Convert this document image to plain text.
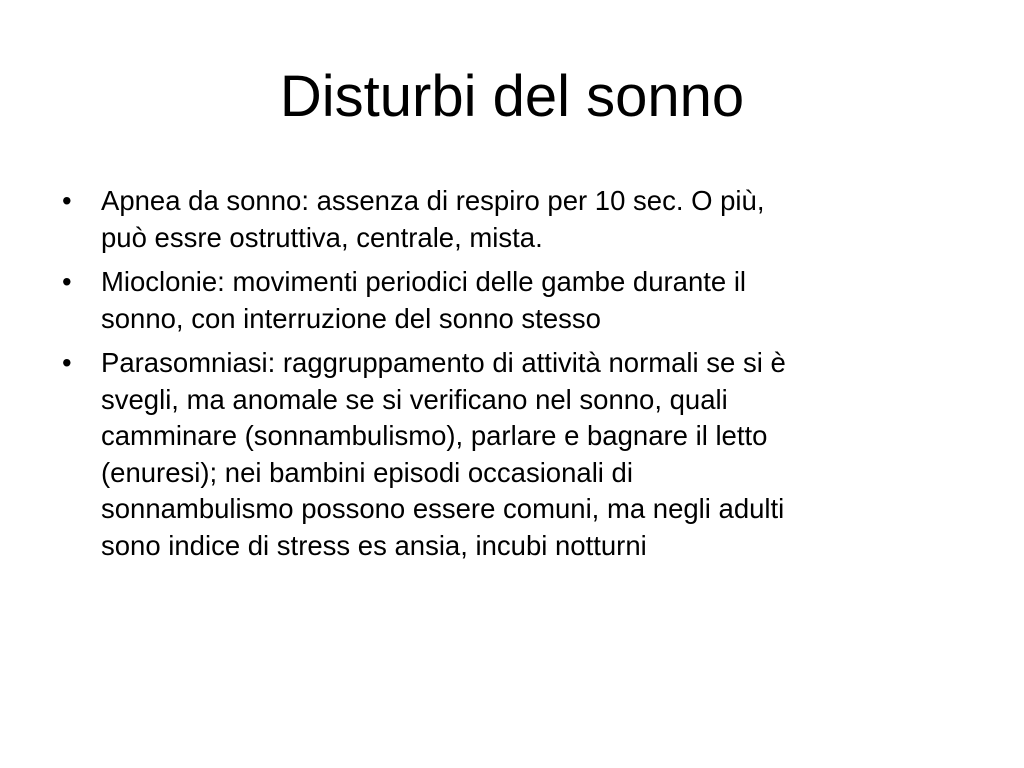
Disturbi del sonno
• Apnea da sonno: assenza di respiro per 10 sec. O più,
può essre ostruttiva, centrale, mista.
• Mioclonie: movimenti periodici delle gambe durante il
sonno, con interruzione del sonno stesso
• Parasomniasi: raggruppamento di attività normali se si è
svegli, ma anomale se si verificano nel sonno, quali
camminare (sonnambulismo), parlare e bagnare il letto
(enuresi); nei bambini episodi occasionali di
sonnambulismo possono essere comuni, ma negli adulti
sono indice di stress es ansia, incubi notturni
